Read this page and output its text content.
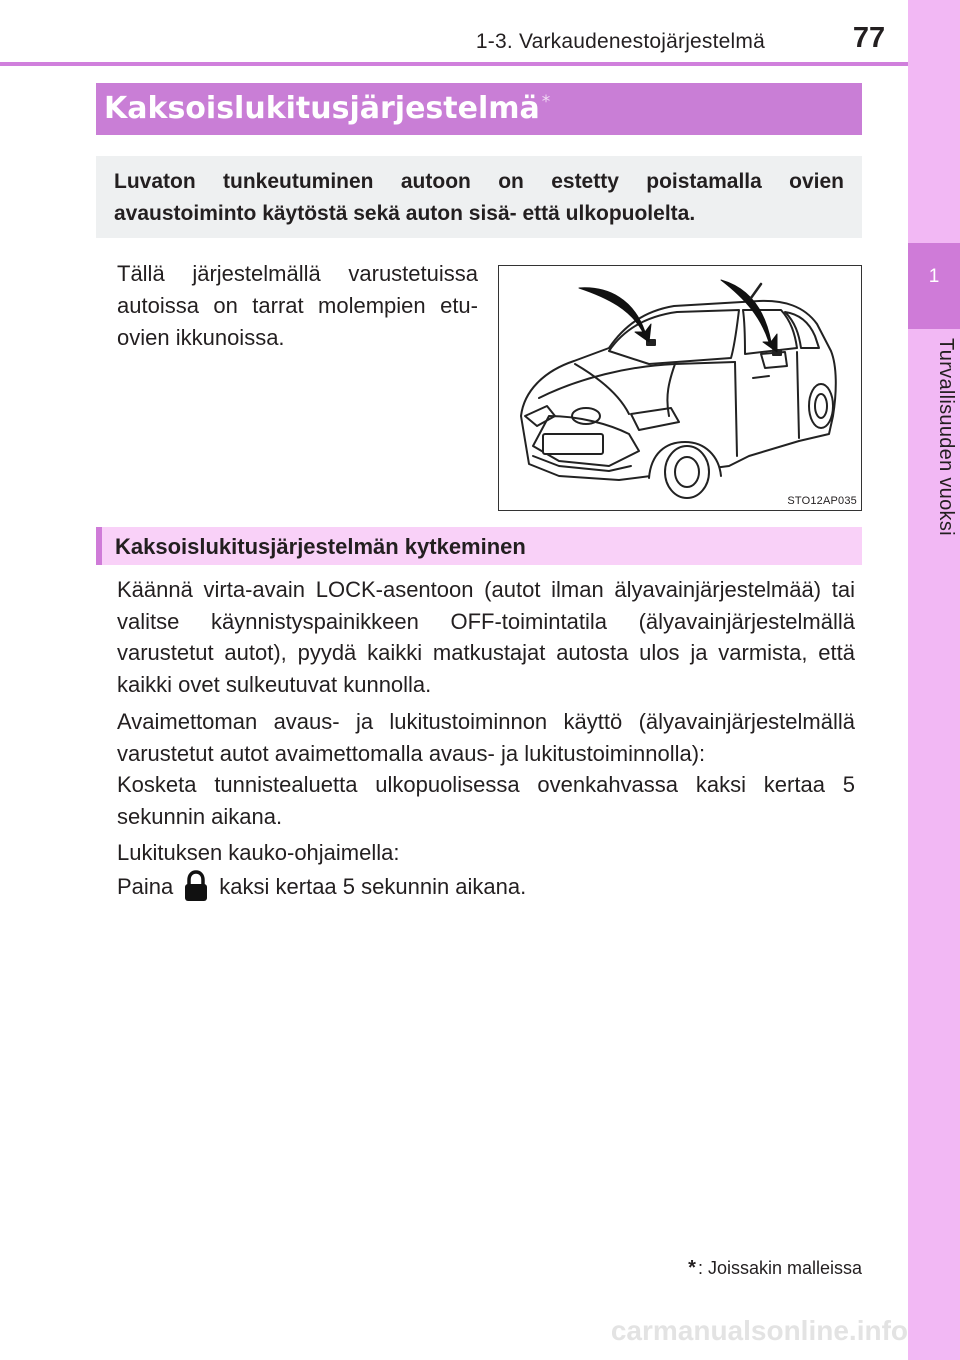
1-3. Varkaudenestojärjestelmä	77
1
Turvallisuuden vuoksi
Kaksoislukitusjärjestelmä *
Luvaton tunkeutuminen autoon on estetty poistamalla ovien avaustoiminto käytöstä sekä auton sisä- että ulkopuolelta.
Tällä järjestelmällä varustetuissa autoissa on tarrat molempien etuovien ikkunoissa.
STO12AP035
Kaksoislukitusjärjestelmän kytkeminen
Käännä virta-avain LOCK-asentoon (autot ilman älyavainjärjestelmää) tai valitse käynnistyspainikkeen OFF-toimintatila (älyavainjärjestelmällä varustetut autot), pyydä kaikki matkustajat autosta ulos ja varmista, että kaikki ovet sulkeutuvat kunnolla.
Avaimettoman avaus- ja lukitustoiminnon käyttö (älyavainjärjestelmällä varustetut autot avaimettomalla avaus- ja lukitustoiminnolla):
Kosketa tunnistealuetta ulkopuolisessa ovenkahvassa kaksi kertaa 5 sekunnin aikana.
Lukituksen kauko-ohjaimella:
Paina kaksi kertaa 5 sekunnin aikana.
* : Joissakin malleissa
carmanualsonline.info
